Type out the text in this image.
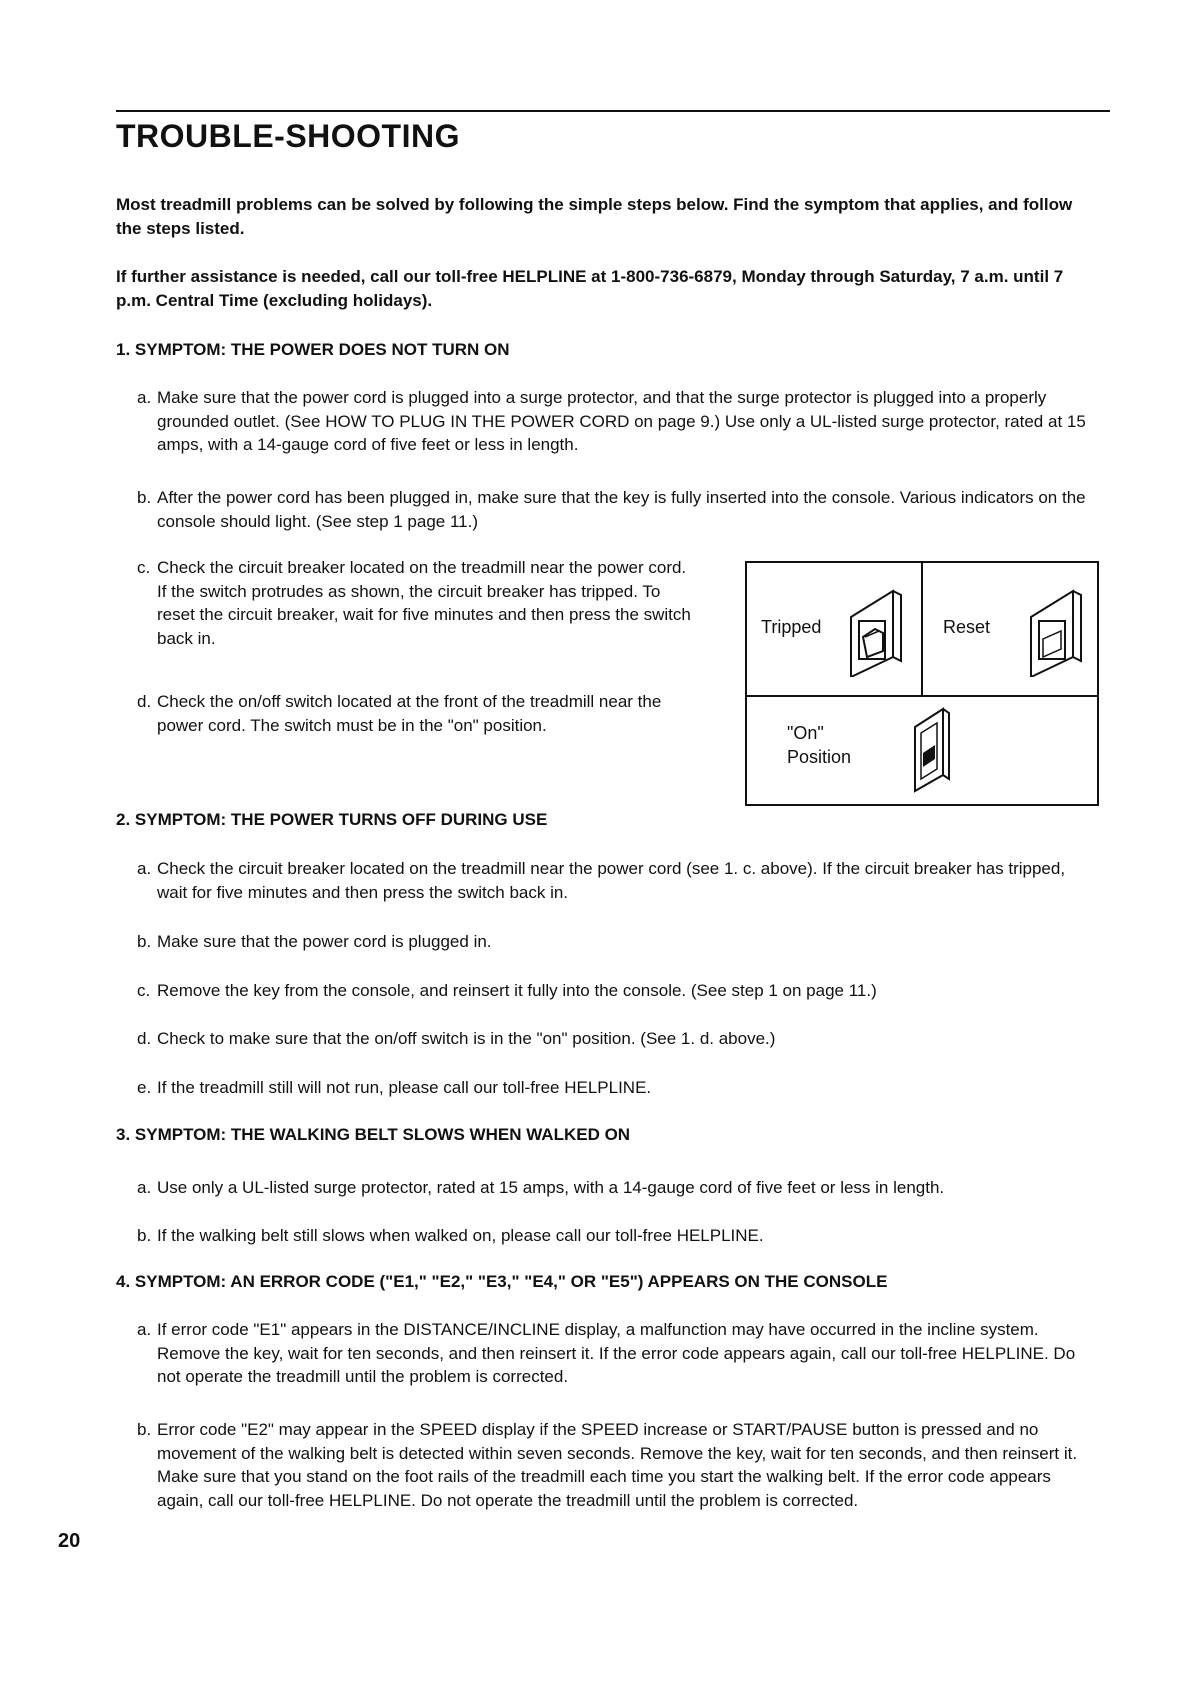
TROUBLE-SHOOTING

Most treadmill problems can be solved by following the simple steps below. Find the symptom that applies, and follow the steps listed.

If further assistance is needed, call our toll-free HELPLINE at 1-800-736-6879, Monday through Saturday, 7 a.m. until 7 p.m. Central Time (excluding holidays).

1. SYMPTOM: THE POWER DOES NOT TURN ON

a. Make sure that the power cord is plugged into a surge protector, and that the surge protector is plugged into a properly grounded outlet. (See HOW TO PLUG IN THE POWER CORD on page 9.) Use only a UL-listed surge protector, rated at 15 amps, with a 14-gauge cord of five feet or less in length.
b. After the power cord has been plugged in, make sure that the key is fully inserted into the console. Various indicators on the console should light. (See step 1 page 11.)
c. Check the circuit breaker located on the treadmill near the power cord. If the switch protrudes as shown, the circuit breaker has tripped. To reset the circuit breaker, wait for five minutes and then press the switch back in.
d. Check the on/off switch located at the front of the treadmill near the power cord. The switch must be in the "on" position.
Tripped	Reset
"On"
Position

2. SYMPTOM: THE POWER TURNS OFF DURING USE

a. Check the circuit breaker located on the treadmill near the power cord (see 1. c. above). If the circuit breaker has tripped, wait for five minutes and then press the switch back in.
b. Make sure that the power cord is plugged in.
c. Remove the key from the console, and reinsert it fully into the console. (See step 1 on page 11.)
d. Check to make sure that the on/off switch is in the "on" position. (See 1. d. above.)
e. If the treadmill still will not run, please call our toll-free HELPLINE.

3. SYMPTOM: THE WALKING BELT SLOWS WHEN WALKED ON

a. Use only a UL-listed surge protector, rated at 15 amps, with a 14-gauge cord of five feet or less in length.
b. If the walking belt still slows when walked on, please call our toll-free HELPLINE.

4. SYMPTOM: AN ERROR CODE ("E1," "E2," "E3," "E4," OR "E5") APPEARS ON THE CONSOLE

a. If error code "E1" appears in the DISTANCE/INCLINE display, a malfunction may have occurred in the incline system. Remove the key, wait for ten seconds, and then reinsert it. If the error code appears again, call our toll-free HELPLINE. Do not operate the treadmill until the problem is corrected.
b. Error code "E2" may appear in the SPEED display if the SPEED increase or START/PAUSE button is pressed and no movement of the walking belt is detected within seven seconds. Remove the key, wait for ten seconds, and then reinsert it. Make sure that you stand on the foot rails of the treadmill each time you start the walking belt. If the error code appears again, call our toll-free HELPLINE. Do not operate the treadmill until the problem is corrected.

20
